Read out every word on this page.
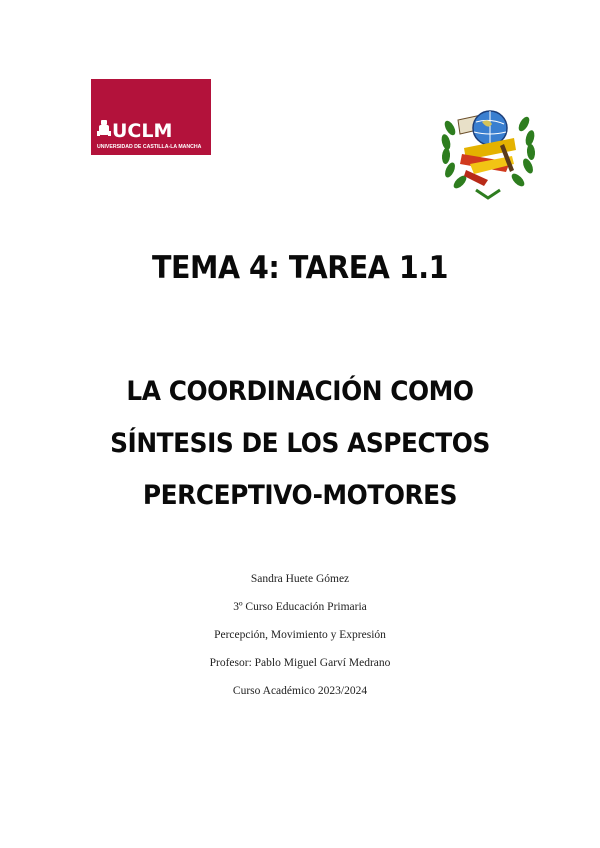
UCLM
UNIVERSIDAD DE CASTILLA-LA MANCHA
TEMA 4: TAREA 1.1
LA COORDINACIÓN COMO
SÍNTESIS DE LOS ASPECTOS
PERCEPTIVO-MOTORES
Sandra Huete Gómez
3º Curso Educación Primaria
Percepción, Movimiento y Expresión
Profesor: Pablo Miguel Garví Medrano
Curso Académico 2023/2024
